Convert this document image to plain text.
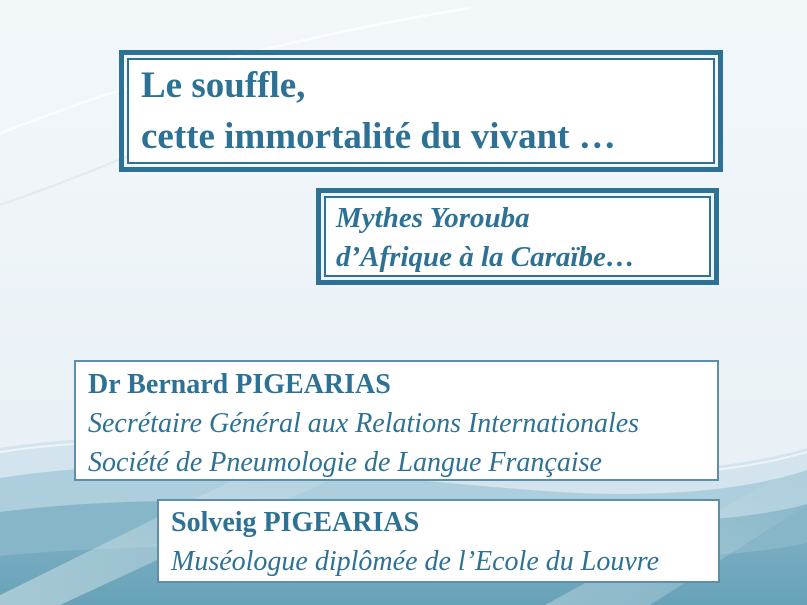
Le souffle,
cette immortalité du vivant …
Mythes Yorouba
d’Afrique à la Caraïbe…
Dr Bernard PIGEARIAS
Secrétaire Général aux Relations Internationales
Société de Pneumologie de Langue Française
Solveig PIGEARIAS
Muséologue diplômée de l’Ecole du Louvre
